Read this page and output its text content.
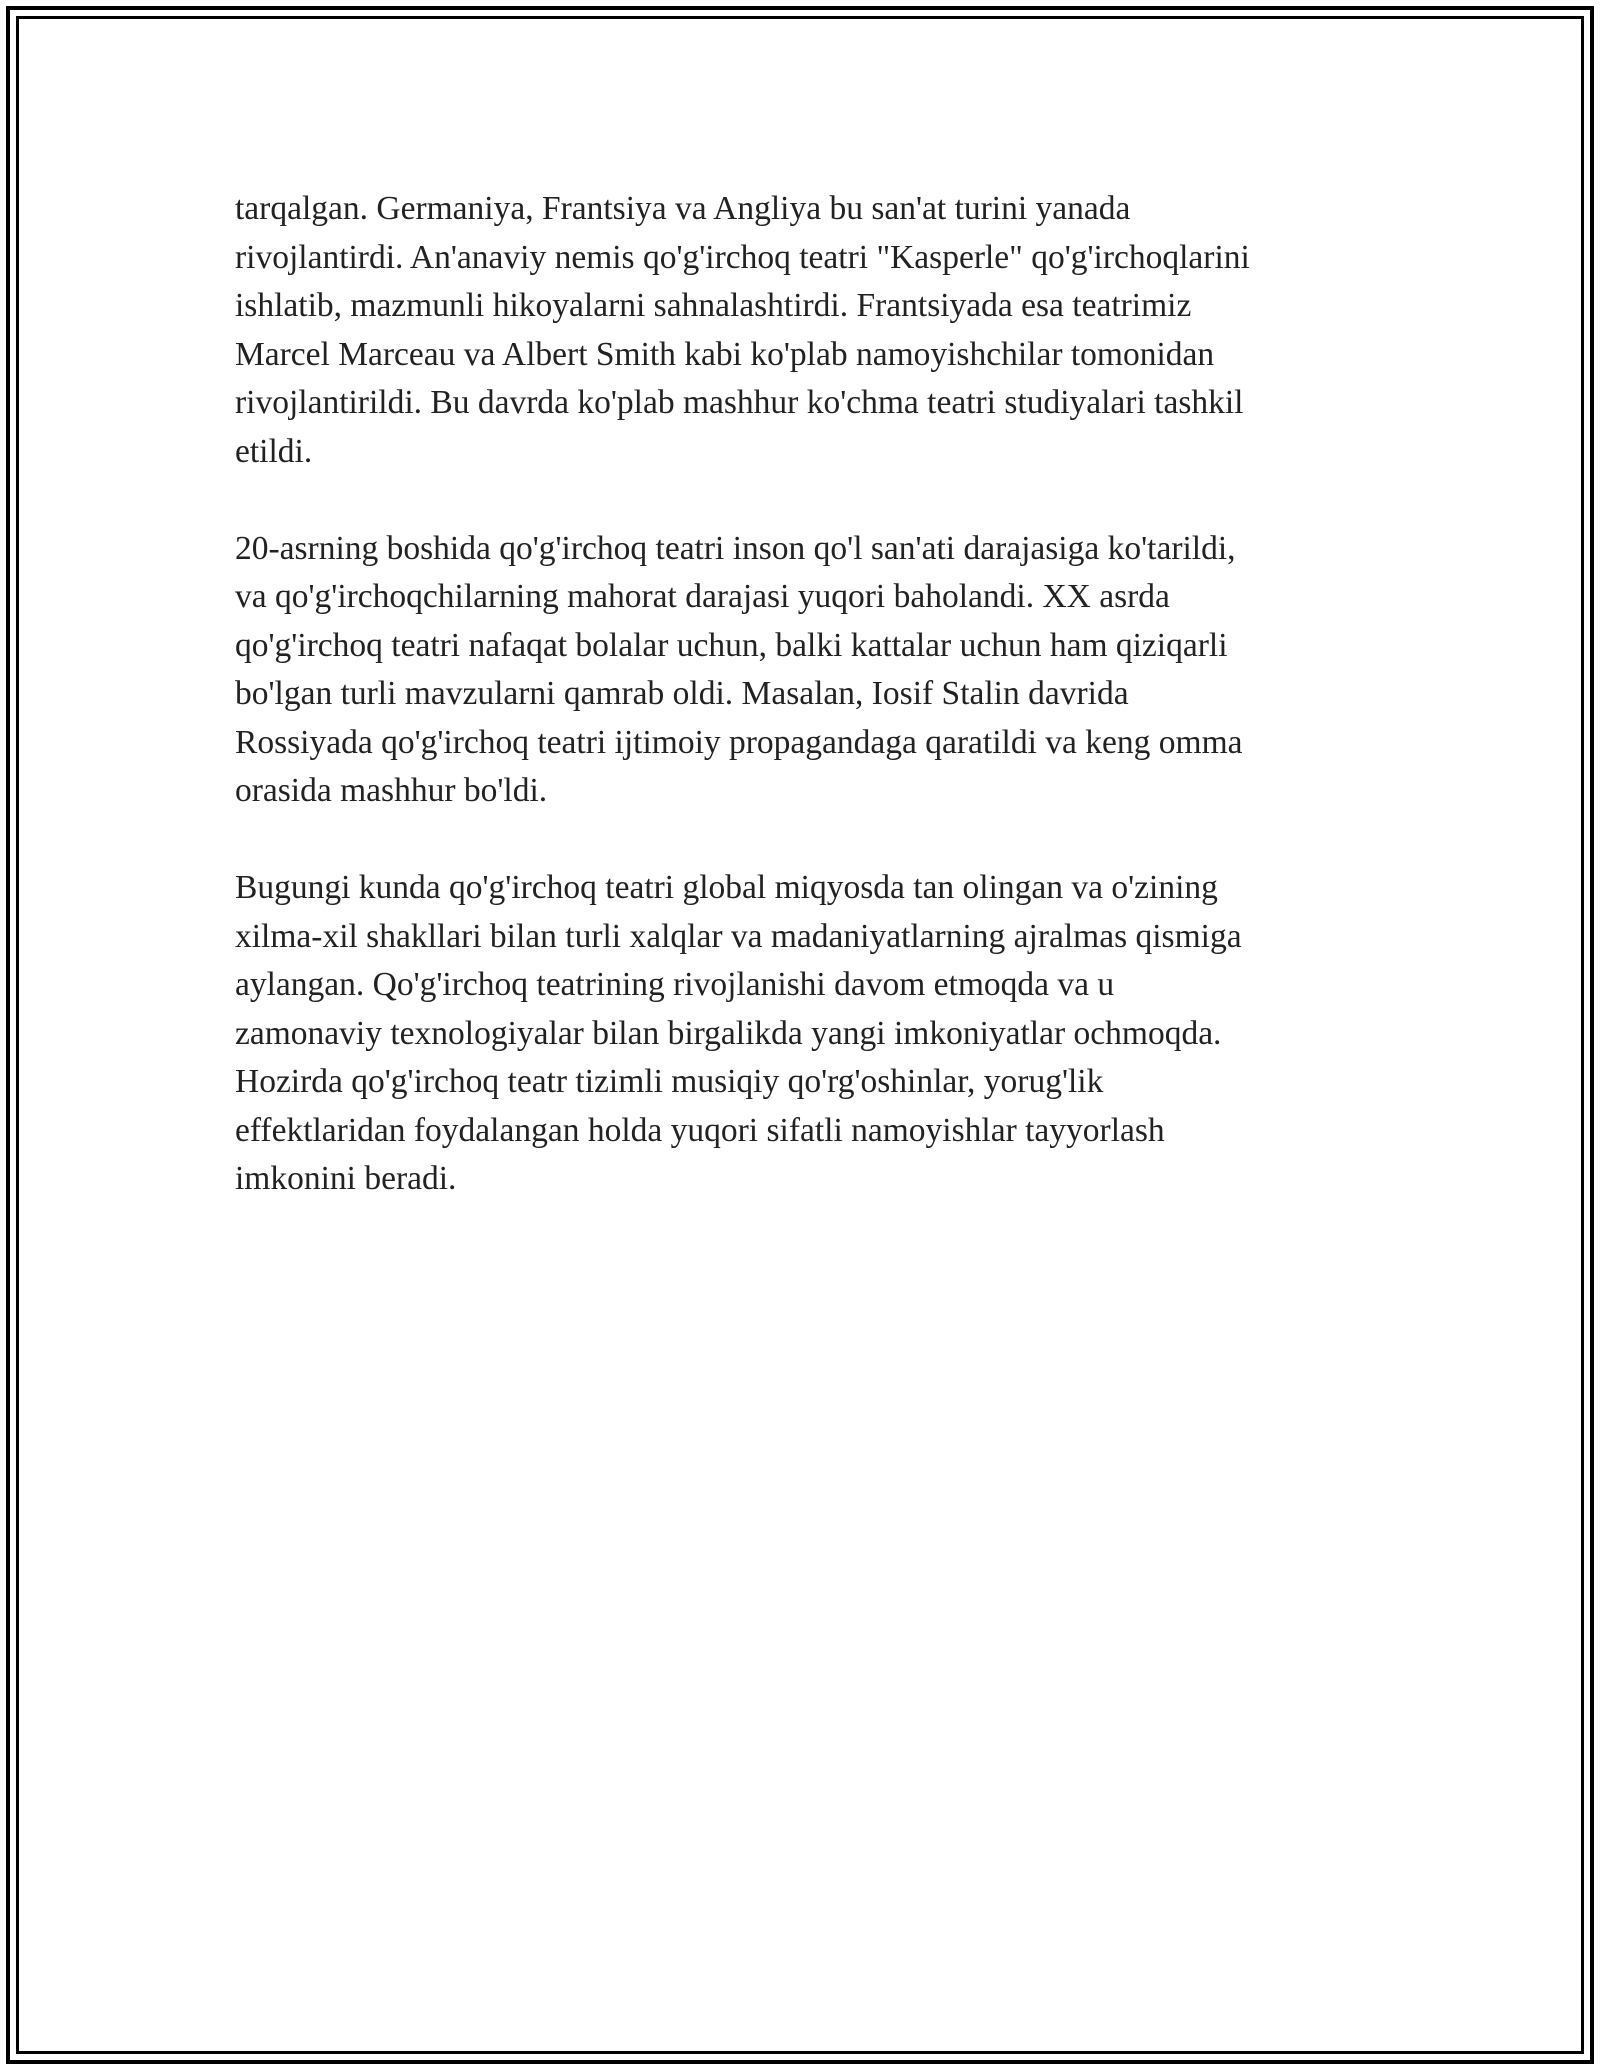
tarqalgan. Germaniya, Frantsiya va Angliya bu san'at turini yanada
rivojlantirdi. An'anaviy nemis qo'g'irchoq teatri "Kasperle" qo'g'irchoqlarini
ishlatib, mazmunli hikoyalarni sahnalashtirdi. Frantsiyada esa teatrimiz
Marcel Marceau va Albert Smith kabi ko'plab namoyishchilar tomonidan
rivojlantirildi. Bu davrda ko'plab mashhur ko'chma teatri studiyalari tashkil
etildi.

20-asrning boshida qo'g'irchoq teatri inson qo'l san'ati darajasiga ko'tarildi,
va qo'g'irchoqchilarning mahorat darajasi yuqori baholandi. XX asrda
qo'g'irchoq teatri nafaqat bolalar uchun, balki kattalar uchun ham qiziqarli
bo'lgan turli mavzularni qamrab oldi. Masalan, Iosif Stalin davrida
Rossiyada qo'g'irchoq teatri ijtimoiy propagandaga qaratildi va keng omma
orasida mashhur bo'ldi.

Bugungi kunda qo'g'irchoq teatri global miqyosda tan olingan va o'zining
xilma-xil shakllari bilan turli xalqlar va madaniyatlarning ajralmas qismiga
aylangan. Qo'g'irchoq teatrining rivojlanishi davom etmoqda va u
zamonaviy texnologiyalar bilan birgalikda yangi imkoniyatlar ochmoqda.
Hozirda qo'g'irchoq teatr tizimli musiqiy qo'rg'oshinlar, yorug'lik
effektlaridan foydalangan holda yuqori sifatli namoyishlar tayyorlash
imkonini beradi.
